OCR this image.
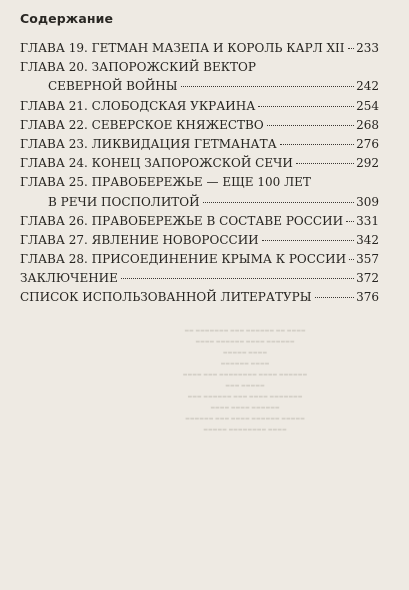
Содержание
ГЛАВА 19. ГЕТМАН МАЗЕПА И КОРОЛЬ КАРЛ XII 233
ГЛАВА 20. ЗАПОРОЖСКИЙ ВЕКТОР
СЕВЕРНОЙ ВОЙНЫ	242
ГЛАВА 21. СЛОБОДСКАЯ УКРАИНА	254
ГЛАВА 22. СЕВЕРСКОЕ КНЯЖЕСТВО	268
ГЛАВА 23. ЛИКВИДАЦИЯ ГЕТМАНАТА	276
ГЛАВА 24. КОНЕЦ ЗАПОРОЖСКОЙ СЕЧИ	292
ГЛАВА 25. ПРАВОБЕРЕЖЬЕ — ЕЩЕ 100 ЛЕТ
В РЕЧИ ПОСПОЛИТОЙ	309
ГЛАВА 26. ПРАВОБЕРЕЖЬЕ В СОСТАВЕ РОССИИ 331
ГЛАВА 27. ЯВЛЕНИЕ НОВОРОССИИ	342
ГЛАВА 28. ПРИСОЕДИНЕНИЕ КРЫМА К РОССИИ 357
ЗАКЛЮЧЕНИЕ	372
СПИСОК ИСПОЛЬЗОВАННОЙ ЛИТЕРАТУРЫ	376
▬▬▬▬ ▬▬ ▬▬▬▬▬▬ ▬▬▬ ▬▬▬▬▬▬▬ ▬▬
▬▬▬▬▬▬ ▬▬▬▬ ▬▬▬▬▬▬ ▬▬▬▬
▬▬▬▬ ▬▬▬▬▬
▬▬▬▬ ▬▬▬▬▬▬
▬▬▬▬▬▬ ▬▬▬▬ ▬▬▬▬▬▬▬▬ ▬▬▬ ▬▬▬▬
▬▬▬▬▬ ▬▬▬
▬▬▬▬▬▬▬ ▬▬▬▬ ▬▬▬ ▬▬▬▬▬▬ ▬▬▬
▬▬▬▬▬▬ ▬▬▬▬ ▬▬▬▬
▬▬▬▬▬ ▬▬▬▬▬▬ ▬▬▬▬ ▬▬▬ ▬▬▬▬▬▬
▬▬▬▬ ▬▬▬▬▬▬▬▬ ▬▬▬▬▬
